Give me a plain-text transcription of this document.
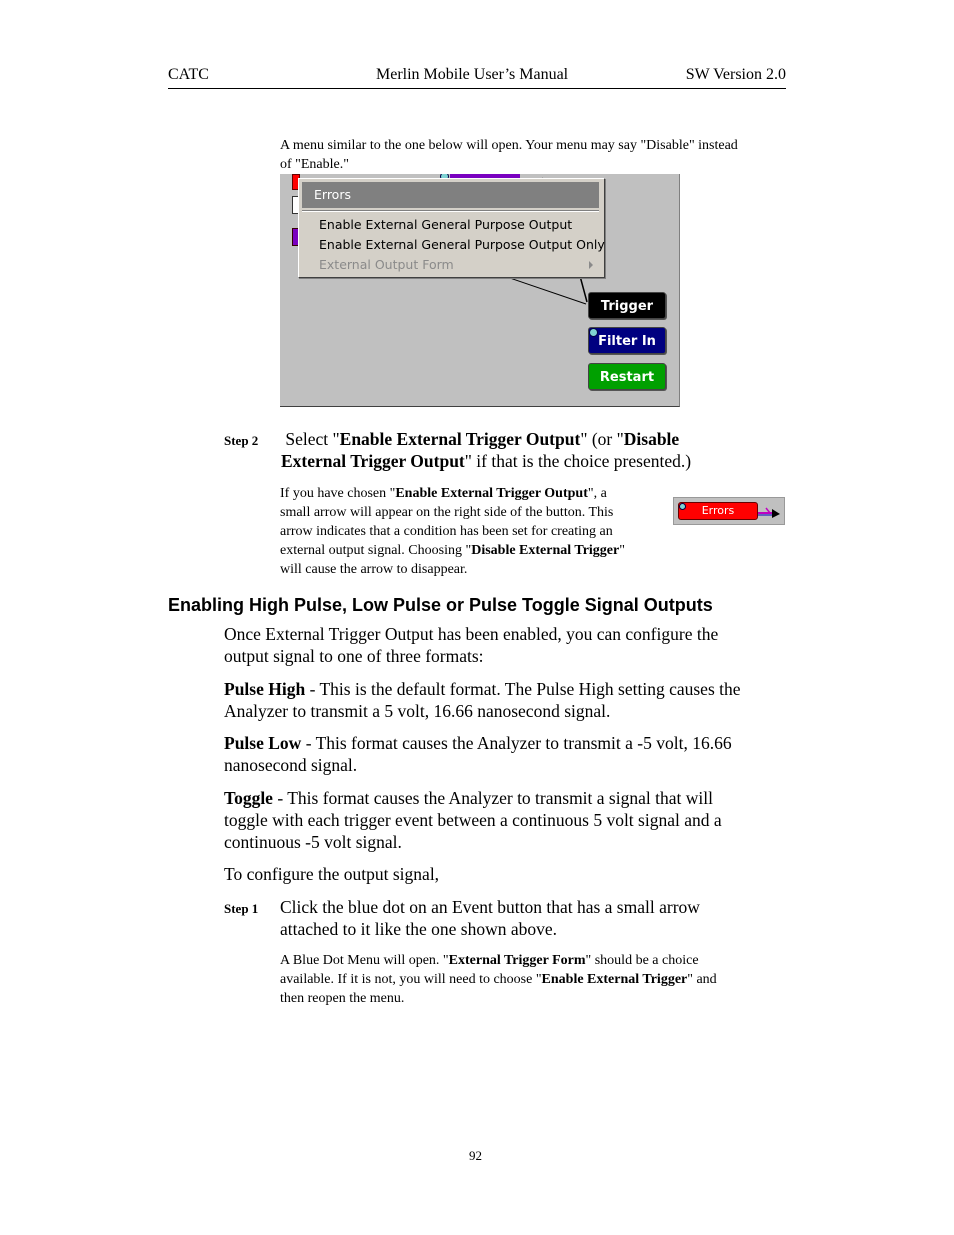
CATC	Merlin Mobile User’s Manual	SW Version 2.0
A menu similar to the one below will open. Your menu may say "Disable" instead
of "Enable."
Errors
Enable External General Purpose Output
Enable External General Purpose Output Only
External Output Form
Trigger
Filter In
Restart
Step 2 Select "Enable External Trigger Output" (or "Disable
External Trigger Output" if that is the choice presented.)
If you have chosen "Enable External Trigger Output", a
small arrow will appear on the right side of the button. This
arrow indicates that a condition has been set for creating an
external output signal. Choosing "Disable External Trigger"
will cause the arrow to disappear.
Errors
Enabling High Pulse, Low Pulse or Pulse Toggle Signal Outputs
Once External Trigger Output has been enabled, you can configure the
output signal to one of three formats:
Pulse High - This is the default format. The Pulse High setting causes the
Analyzer to transmit a 5 volt, 16.66 nanosecond signal.
Pulse Low - This format causes the Analyzer to transmit a -5 volt, 16.66
nanosecond signal.
Toggle - This format causes the Analyzer to transmit a signal that will
toggle with each trigger event between a continuous 5 volt signal and a
continuous -5 volt signal.
To configure the output signal,
Step 1 Click the blue dot on an Event button that has a small arrow
attached to it like the one shown above.
A Blue Dot Menu will open. "External Trigger Form" should be a choice
available. If it is not, you will need to choose "Enable External Trigger" and
then reopen the menu.
92
